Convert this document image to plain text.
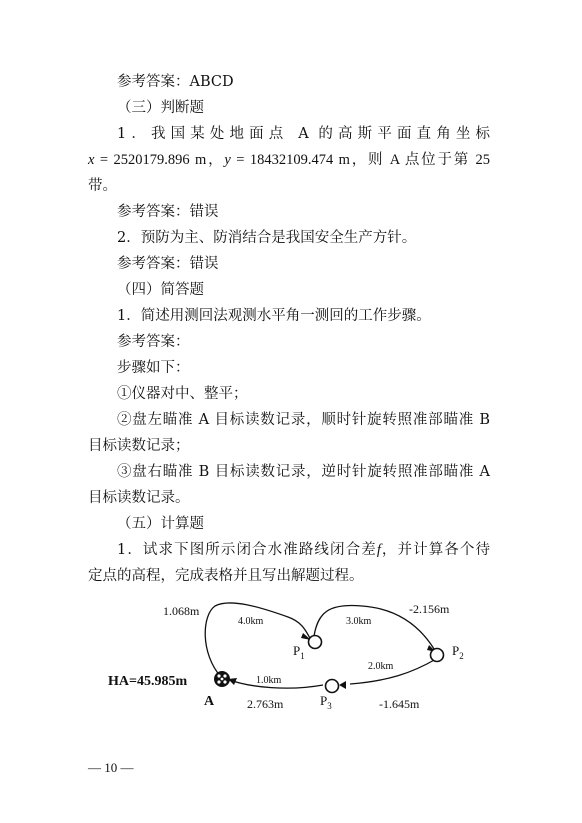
参考答案：ABCD
（三）判断题
1．我国某处地面点 A 的高斯平面直角坐标
x = 2520179.896 m，y = 18432109.474 m，则 A 点位于第 25
带。
参考答案：错误
2．预防为主、防消结合是我国安全生产方针。
参考答案：错误
（四）简答题
1．简述用测回法观测水平角一测回的工作步骤。
参考答案：
步骤如下：
①仪器对中、整平；
②盘左瞄准 A 目标读数记录，顺时针旋转照准部瞄准 B
目标读数记录；
③盘右瞄准 B 目标读数记录，逆时针旋转照准部瞄准 A
目标读数记录。
（五）计算题
1．试求下图所示闭合水准路线闭合差f，并计算各个待
定点的高程，完成表格并且写出解题过程。
HA=45.985m
A
$P_1$	$P_2$
$P_3$
1.068m
4.0km	3.0km
-2.156m
2.0km
-1.645m
1.0km
2.763m
— 10 —
